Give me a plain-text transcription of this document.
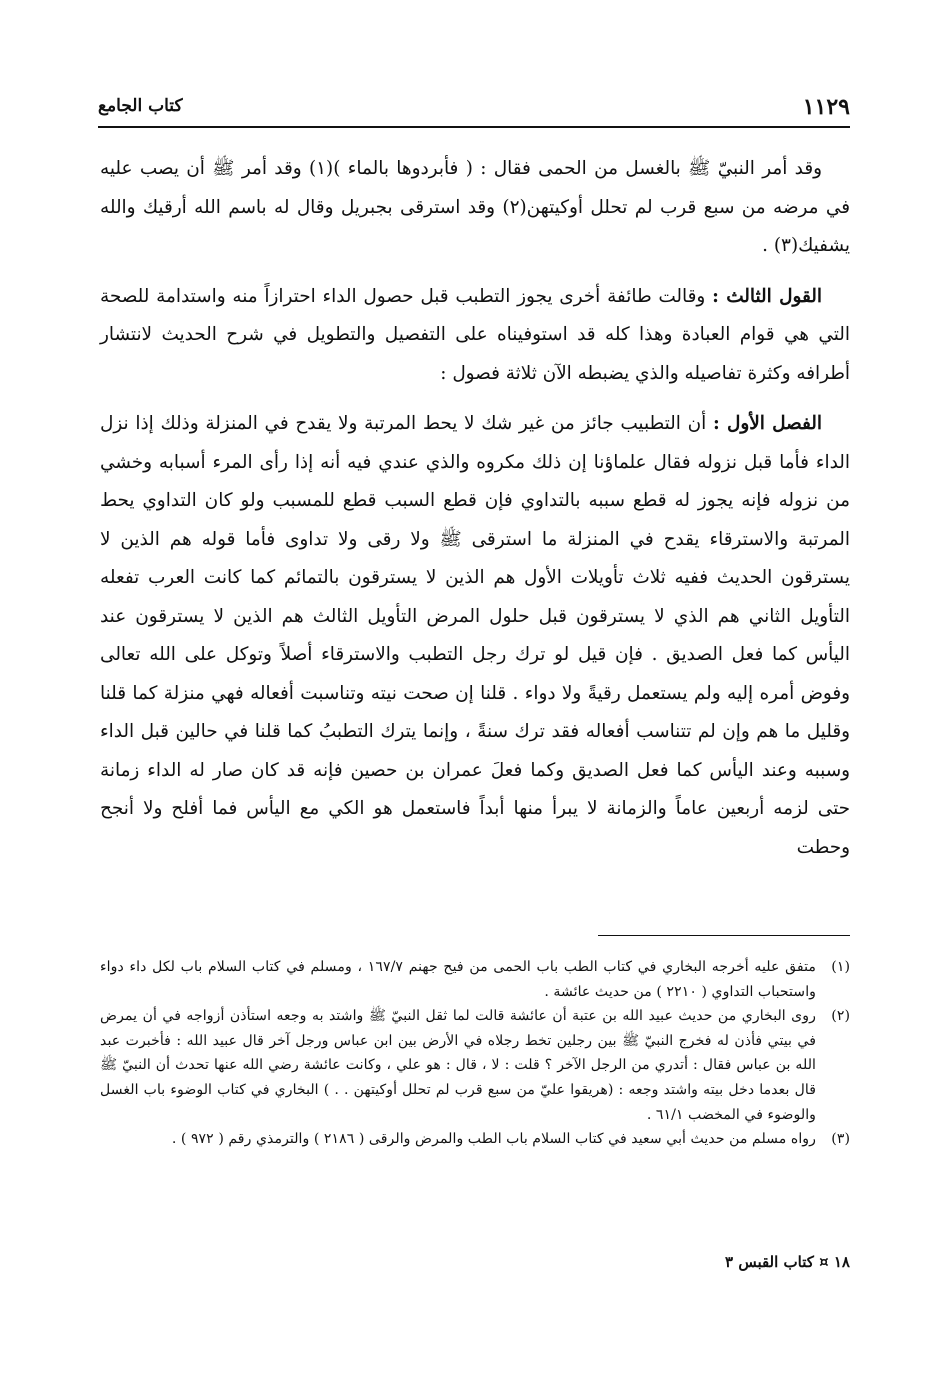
١١٢٩
كتاب الجامع

وقد أمر النبيّ ﷺ بالغسل من الحمى فقال : ( فأبردوها بالماء )(١) وقد أمر ﷺ أن يصب عليه في مرضه من سبع قرب لم تحلل أوكيتهن(٢) وقد استرقى بجبريل وقال له باسم الله أرقيك والله يشفيك(٣) .

القول الثالث : وقالت طائفة أخرى يجوز التطبب قبل حصول الداء احترازاً منه واستدامة للصحة التي هي قوام العبادة وهذا كله قد استوفيناه على التفصيل والتطويل في شرح الحديث لانتشار أطرافه وكثرة تفاصيله والذي يضبطه الآن ثلاثة فصول :

الفصل الأول : أن التطبيب جائز من غير شك لا يحط المرتبة ولا يقدح في المنزلة وذلك إذا نزل الداء فأما قبل نزوله فقال علماؤنا إن ذلك مكروه والذي عندي فيه أنه إذا رأى المرء أسبابه وخشي من نزوله فإنه يجوز له قطع سببه بالتداوي فإن قطع السبب قطع للمسبب ولو كان التداوي يحط المرتبة والاسترقاء يقدح في المنزلة ما استرقى ﷺ ولا رقى ولا تداوى فأما قوله هم الذين لا يسترقون الحديث ففيه ثلاث تأويلات الأول هم الذين لا يسترقون بالتمائم كما كانت العرب تفعله التأويل الثاني هم الذي لا يسترقون قبل حلول المرض التأويل الثالث هم الذين لا يسترقون عند اليأس كما فعل الصديق . فإن قيل لو ترك رجل التطبب والاسترقاء أصلاً وتوكل على الله تعالى وفوض أمره إليه ولم يستعمل رقيةً ولا دواء . قلنا إن صحت نيته وتناسبت أفعاله فهي منزلة كما قلنا وقليل ما هم وإن لم تتناسب أفعاله فقد ترك سنةً ، وإنما يترك التطببُ كما قلنا في حالين قبل الداء وسببه وعند اليأس كما فعل الصديق وكما فعلَ عمران بن حصين فإنه قد كان صار له الداء زمانة حتى لزمه أربعين عاماً والزمانة لا يبرأ منها أبداً فاستعمل هو الكي مع اليأس فما أفلح ولا أنجح وحطت

(١)
متفق عليه أخرجه البخاري في كتاب الطب باب الحمى من فيح جهنم ١٦٧/٧ ، ومسلم في كتاب السلام باب لكل داء دواء واستحباب التداوي ( ٢٢١٠ ) من حديث عائشة .
(٢)
روى البخاري من حديث عبيد الله بن عتبة أن عائشة قالت لما ثقل النبيّ ﷺ واشتد به وجعه استأذن أزواجه في أن يمرض في بيتي فأذن له فخرج النبيّ ﷺ بين رجلين تخط رجلاه في الأرض بين ابن عباس ورجل آخر قال عبيد الله : فأخبرت عبد الله بن عباس فقال : أتدري من الرجل الآخر ؟ قلت : لا ، قال : هو علي ، وكانت عائشة رضي الله عنها تحدث أن النبيّ ﷺ قال بعدما دخل بيته واشتد وجعه : (هريقوا عليّ من سبع قرب لم تحلل أوكيتهن . . ) البخاري في كتاب الوضوء باب الغسل والوضوء في المخضب ٦١/١ .
(٣)
رواه مسلم من حديث أبي سعيد في كتاب السلام باب الطب والمرض والرقى ( ٢١٨٦ ) والترمذي رقم ( ٩٧٢ ) .
١٨ ¤ كتاب القبس ٣
